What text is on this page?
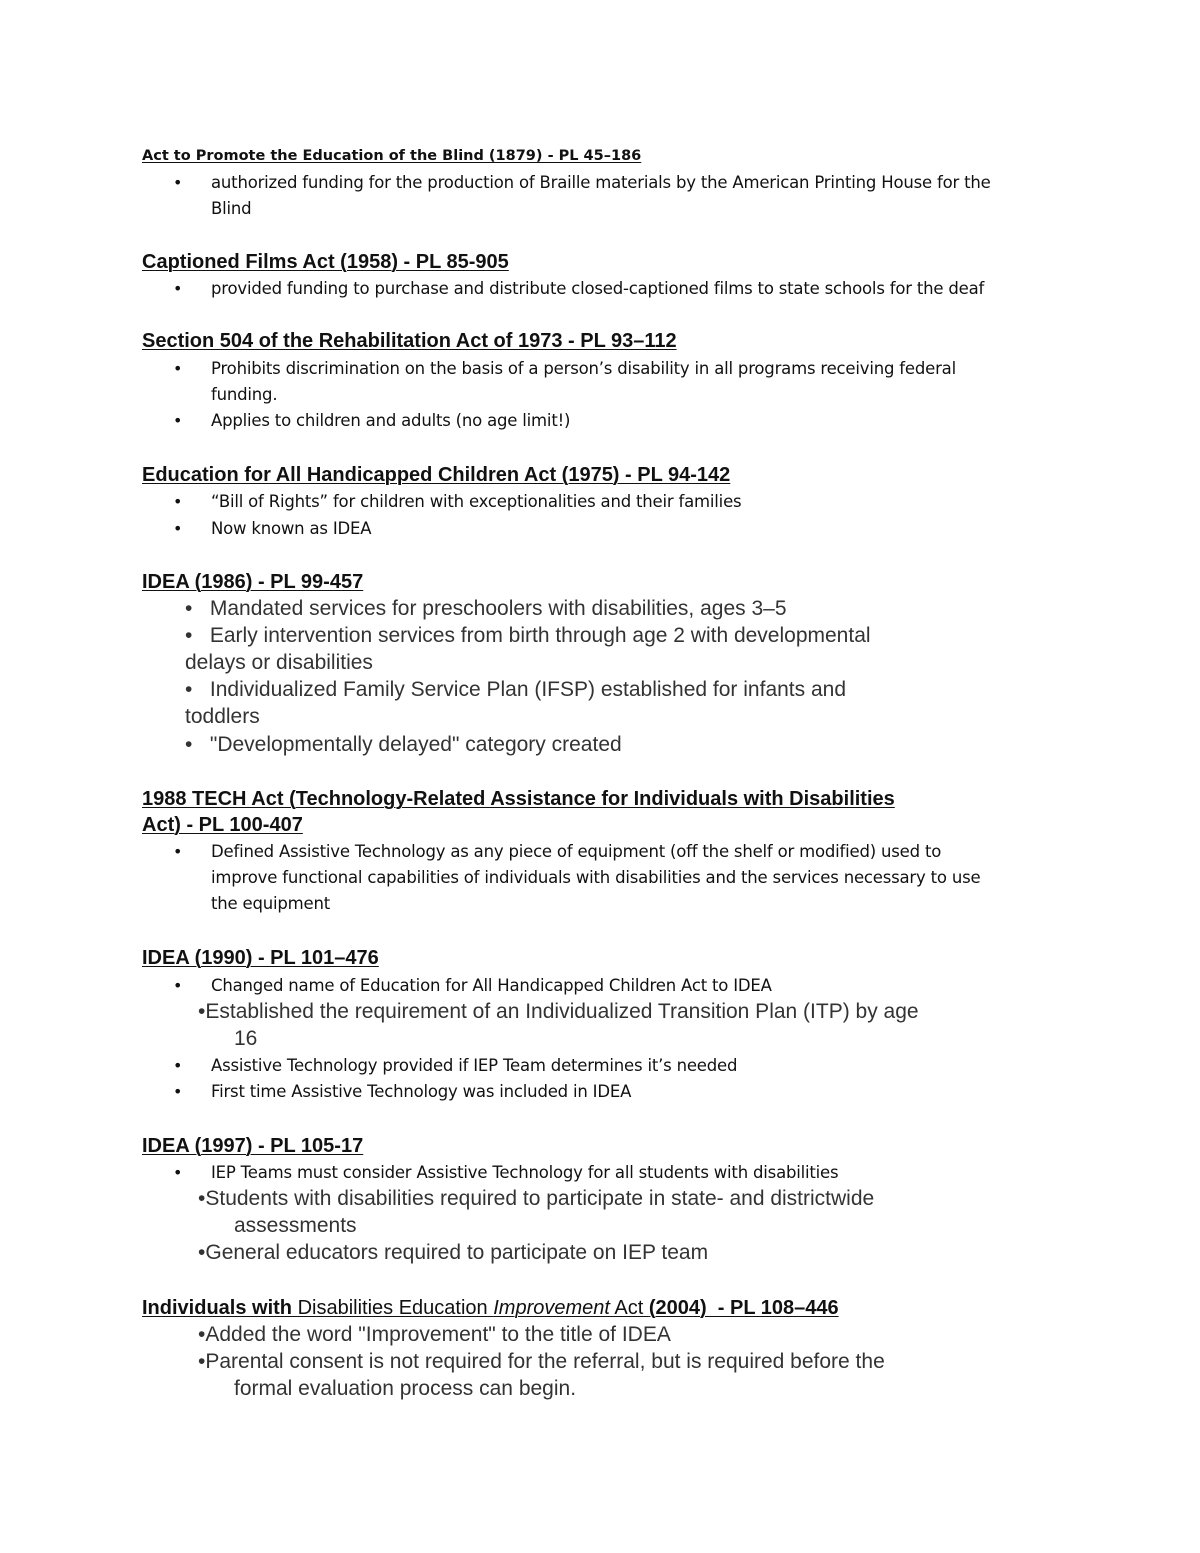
Act to Promote the Education of the Blind (1879) - PL 45–186
• authorized funding for the production of Braille materials by the American Printing House for the
Blind
Captioned Films Act (1958) - PL 85-905
• provided funding to purchase and distribute closed-captioned films to state schools for the deaf
Section 504 of the Rehabilitation Act of 1973 - PL 93–112
• Prohibits discrimination on the basis of a person’s disability in all programs receiving federal
funding.
• Applies to children and adults (no age limit!)
Education for All Handicapped Children Act (1975) - PL 94-142
• “Bill of Rights” for children with exceptionalities and their families
• Now known as IDEA
IDEA (1986) - PL 99-457
• Mandated services for preschoolers with disabilities, ages 3–5
• Early intervention services from birth through age 2 with developmental
delays or disabilities
• Individualized Family Service Plan (IFSP) established for infants and
toddlers
• "Developmentally delayed" category created
1988 TECH Act (Technology-Related Assistance for Individuals with Disabilities
Act) - PL 100-407
• Defined Assistive Technology as any piece of equipment (off the shelf or modified) used to
improve functional capabilities of individuals with disabilities and the services necessary to use
the equipment
IDEA (1990) - PL 101–476
• Changed name of Education for All Handicapped Children Act to IDEA
•Established the requirement of an Individualized Transition Plan (ITP) by age
16
• Assistive Technology provided if IEP Team determines it’s needed
• First time Assistive Technology was included in IDEA
IDEA (1997) - PL 105-17
• IEP Teams must consider Assistive Technology for all students with disabilities
•Students with disabilities required to participate in state- and districtwide
assessments
•General educators required to participate on IEP team
Individuals with Disabilities Education Improvement Act (2004)  - PL 108–446
•Added the word "Improvement" to the title of IDEA
•Parental consent is not required for the referral, but is required before the
formal evaluation process can begin.
